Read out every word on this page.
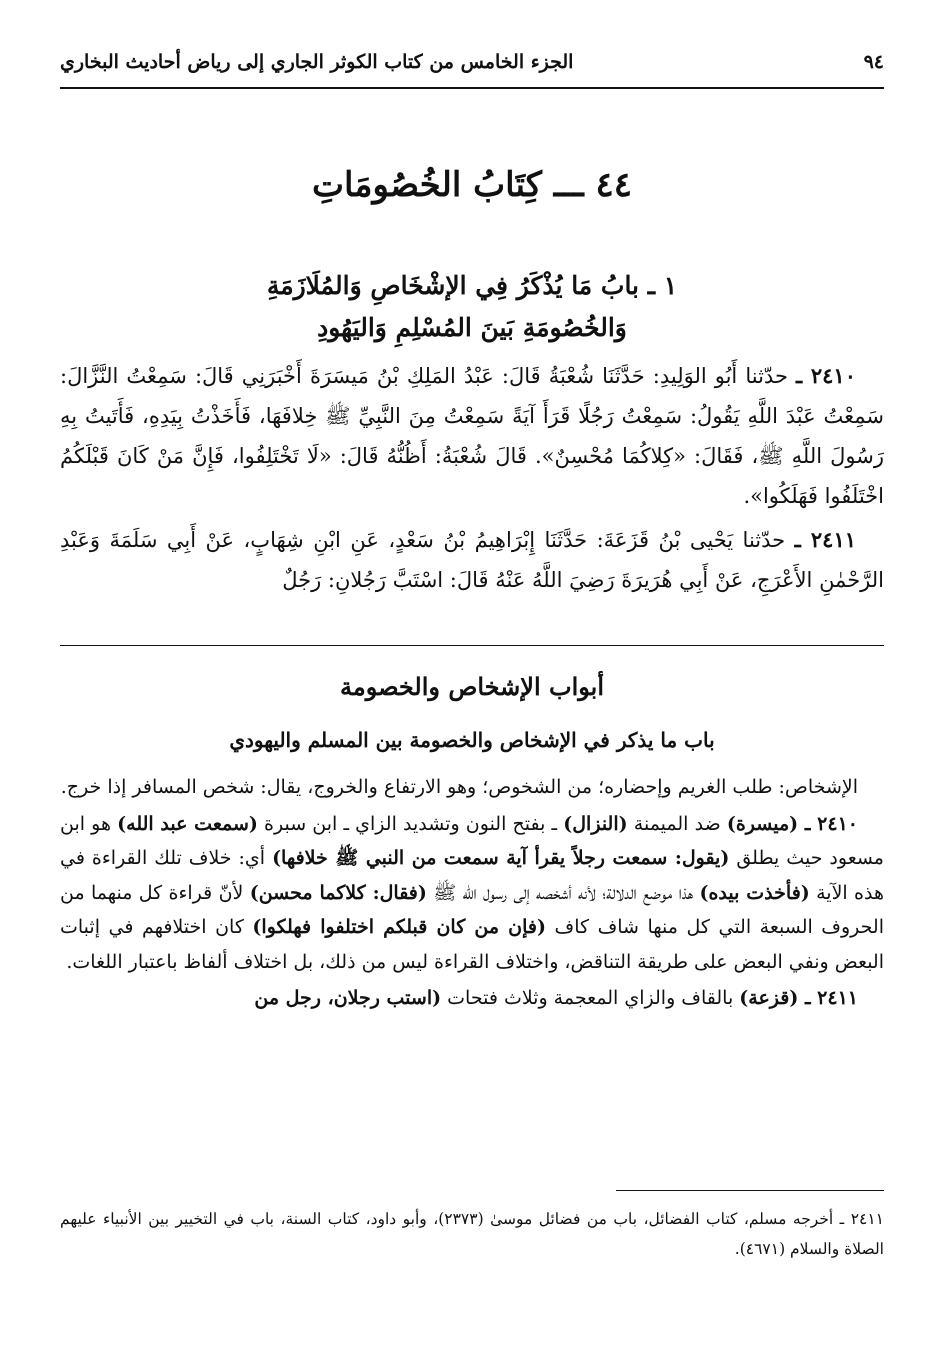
٩٤
الجزء الخامس من كتاب الكوثر الجاري إلى رياض أحاديث البخاري
٤٤ ـــ كِتَابُ الخُصُومَاتِ
١ ـ بابُ مَا يُذْكَرُ فِي الإشْخَاصِ وَالمُلَازَمَةِ
وَالخُصُومَةِ بَينَ المُسْلِمِ وَاليَهُودِ

٢٤١٠ ـ حدّثنا أَبُو الوَلِيدِ: حَدَّثَنَا شُعْبَةُ قَالَ: عَبْدُ المَلِكِ بْنُ مَيسَرَةَ أَخْبَرَنِي قَالَ: سَمِعْتُ النَّزَّالَ: سَمِعْتُ عَبْدَ اللَّهِ يَقُولُ: سَمِعْتُ رَجُلًا قَرَأَ آيَةً سَمِعْتُ مِنَ النَّبِيِّ ﷺ خِلافَهَا، فَأَخَذْتُ بِيَدِهِ، فَأَتَيتُ بِهِ رَسُولَ اللَّهِ ﷺ، فَقَالَ: «كِلاكُمَا مُحْسِنٌ». قَالَ شُعْبَةُ: أَظُنُّهُ قَالَ: «لَا تَخْتَلِفُوا، فَإِنَّ مَنْ كَانَ قَبْلَكُمُ اخْتَلَفُوا فَهَلَكُوا».

٢٤١١ ـ حدّثنا يَحْيى بْنُ قَزَعَةَ: حَدَّثَنَا إِبْرَاهِيمُ بْنُ سَعْدٍ، عَنِ ابْنِ شِهَابٍ، عَنْ أَبِي سَلَمَةَ وَعَبْدِ الرَّحْمٰنِ الأَعْرَجِ، عَنْ أَبِي هُرَيرَةَ رَضِيَ اللَّهُ عَنْهُ قَالَ: اسْتَبَّ رَجُلانِ: رَجُلٌ

أبواب الإشخاص والخصومة
باب ما يذكر في الإشخاص والخصومة بين المسلم واليهودي

الإشخاص: طلب الغريم وإحضاره؛ من الشخوص؛ وهو الارتفاع والخروج، يقال: شخص المسافر إذا خرج.

٢٤١٠ ـ (ميسرة) ضد الميمنة (النزال) ـ بفتح النون وتشديد الزاي ـ ابن سبرة (سمعت عبد الله) هو ابن مسعود حيث يطلق (يقول: سمعت رجلاً يقرأ آية سمعت من النبي ﷺ خلافها) أي: خلاف تلك القراءة في هذه الآية (فأخذت بيده) هذا موضع الدلالة؛ لأنه أشخصه إلى رسول الله ﷺ (فقال: كلاكما محسن) لأنّ قراءة كل منهما من الحروف السبعة التي كل منها شاف كاف (فإن من كان قبلكم اختلفوا فهلكوا) كان اختلافهم في إثبات البعض ونفي البعض على طريقة التناقض، واختلاف القراءة ليس من ذلك، بل اختلاف ألفاظ باعتبار اللغات.

٢٤١١ ـ (قزعة) بالقاف والزاي المعجمة وثلاث فتحات (استب رجلان، رجل من

٢٤١١ ـ أخرجه مسلم، كتاب الفضائل، باب من فضائل موسىٰ (٢٣٧٣)، وأبو داود، كتاب السنة، باب في التخيير بين الأنبياء عليهم الصلاة والسلام (٤٦٧١).
